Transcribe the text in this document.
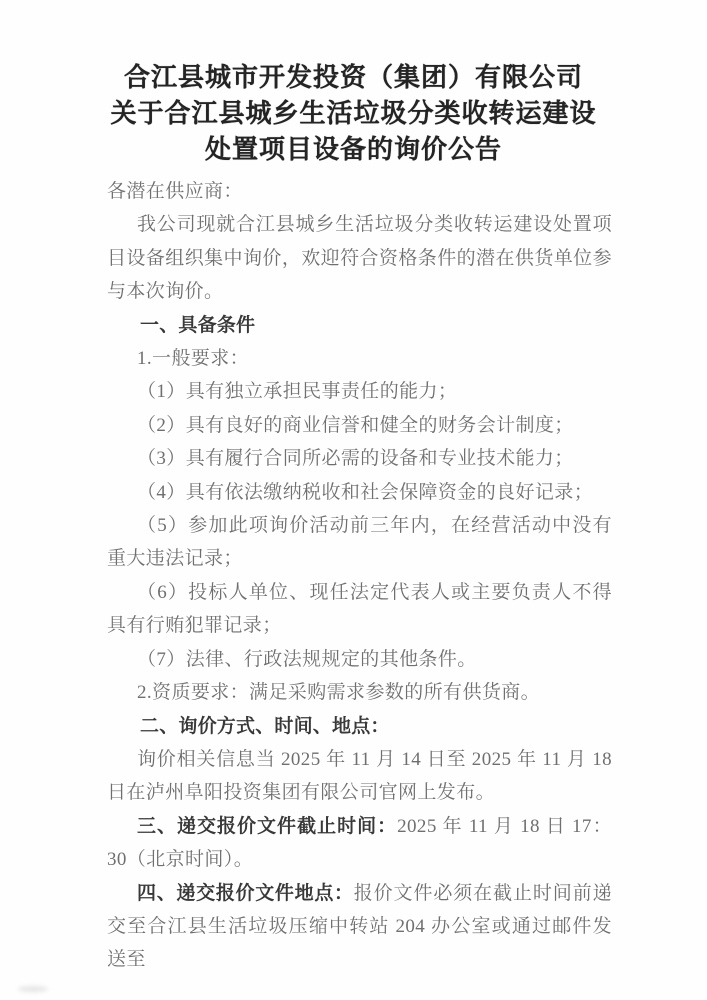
合江县城市开发投资（集团）有限公司
关于合江县城乡生活垃圾分类收转运建设
处置项目设备的询价公告

各潜在供应商：

我公司现就合江县城乡生活垃圾分类收转运建设处置项目设备组织集中询价，欢迎符合资格条件的潜在供货单位参与本次询价。

一、具备条件

1.一般要求：

（1）具有独立承担民事责任的能力；

（2）具有良好的商业信誉和健全的财务会计制度；

（3）具有履行合同所必需的设备和专业技术能力；

（4）具有依法缴纳税收和社会保障资金的良好记录；

（5）参加此项询价活动前三年内，在经营活动中没有重大违法记录；

（6）投标人单位、现任法定代表人或主要负责人不得具有行贿犯罪记录；

（7）法律、行政法规规定的其他条件。

2.资质要求：满足采购需求参数的所有供货商。

二、询价方式、时间、地点：

询价相关信息当 2025 年 11 月 14 日至 2025 年 11 月 18 日在泸州阜阳投资集团有限公司官网上发布。

三、递交报价文件截止时间：2025 年 11 月 18 日 17：30（北京时间）。

四、递交报价文件地点：报价文件必须在截止时间前递交至合江县生活垃圾压缩中转站 204 办公室或通过邮件发送至
